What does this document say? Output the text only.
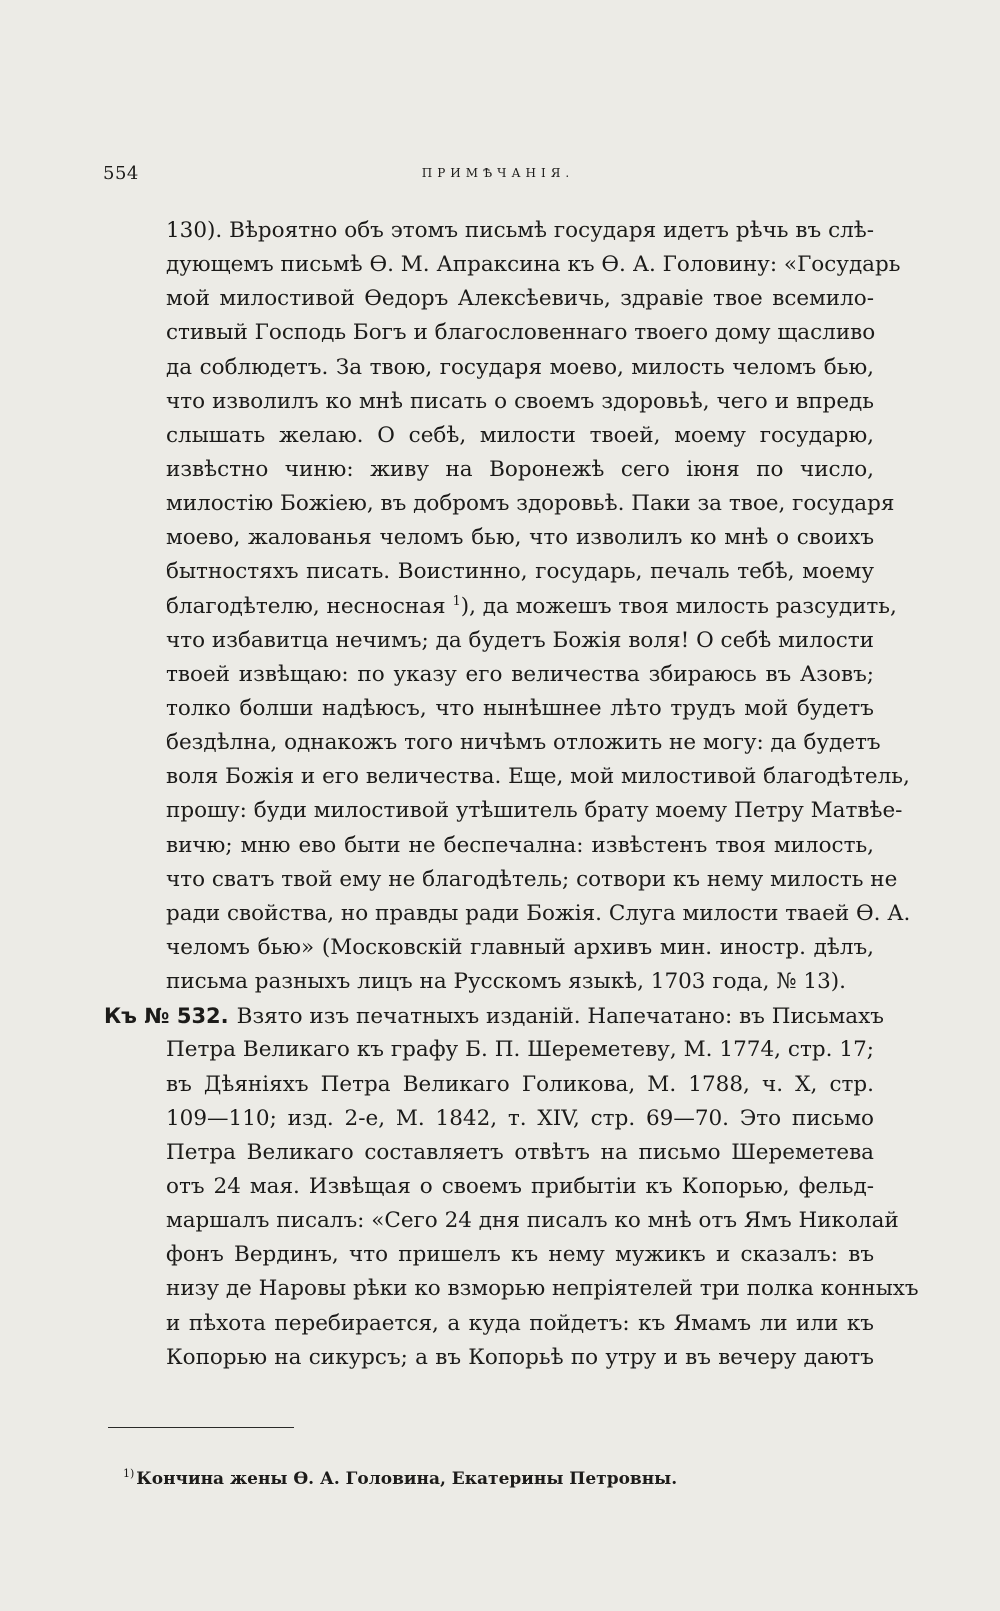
554	ПРИМѢЧАНІЯ.
130). Вѣроятно объ этомъ письмѣ государя идетъ рѣчь въ слѣ-
дующемъ письмѣ Ѳ. М. Апраксина къ Ѳ. А. Головину: «Государь
мой милостивой Ѳедоръ Алексѣевичь, здравіе твое всемило-
стивый Господь Богъ и благословеннаго твоего дому щасливо
да соблюдетъ. За твою, государя моево, милость челомъ бью,
что изволилъ ко мнѣ писать о своемъ здоровьѣ, чего и впредь
слышать желаю. О себѣ, милости твоей, моему государю,
извѣстно чиню: живу на Воронежѣ сего іюня по число,
милостію Божіею, въ добромъ здоровьѣ. Паки за твое, государя
моево, жалованья челомъ бью, что изволилъ ко мнѣ о своихъ
бытностяхъ писать. Воистинно, государь, печаль тебѣ, моему
благодѣтелю, несносная $^1$), да можешъ твоя милость разсудить,
что избавитца нечимъ; да будетъ Божія воля! О себѣ милости
твоей извѣщаю: по указу его величества збираюсь въ Азовъ;
толко болши надѣюсъ, что нынѣшнее лѣто трудъ мой будетъ
бездѣлна, однакожъ того ничѣмъ отложить не могу: да будетъ
воля Божія и его величества. Еще, мой милостивой благодѣтель,
прошу: буди милостивой утѣшитель брату моему Петру Матвѣе-
вичю; мню ево быти не беспечална: извѣстенъ твоя милость,
что сватъ твой ему не благодѣтель; сотвори къ нему милость не
ради свойства, но правды ради Божія. Слуга милости тваей Ѳ. А.
челомъ бью» (Московскій главный архивъ мин. иностр. дѣлъ,
письма разныхъ лицъ на Русскомъ языкѣ, 1703 года, № 13).
Къ № 532. Взято изъ печатныхъ изданій. Напечатано: въ Письмахъ
Петра Великаго къ графу Б. П. Шереметеву, М. 1774, стр. 17;
въ Дѣяніяхъ Петра Великаго Голикова, М. 1788, ч. X, стр.
109—110; изд. 2-е, М. 1842, т. XIV, стр. 69—70. Это письмо
Петра Великаго составляетъ отвѣтъ на письмо Шереметева
отъ 24 мая. Извѣщая о своемъ прибытіи къ Копорью, фельд-
маршалъ писалъ: «Сего 24 дня писалъ ко мнѣ отъ Ямъ Николай
фонъ Вердинъ, что пришелъ къ нему мужикъ и сказалъ: въ
низу де Наровы рѣки ко взморью непріятелей три полка конныхъ
и пѣхота перебирается, а куда пойдетъ: къ Ямамъ ли или къ
Копорью на сикурсъ; а въ Копорьѣ по утру и въ вечеру даютъ
$^{1)}$ Кончина жены Ѳ. А. Головина, Екатерины Петровны.
